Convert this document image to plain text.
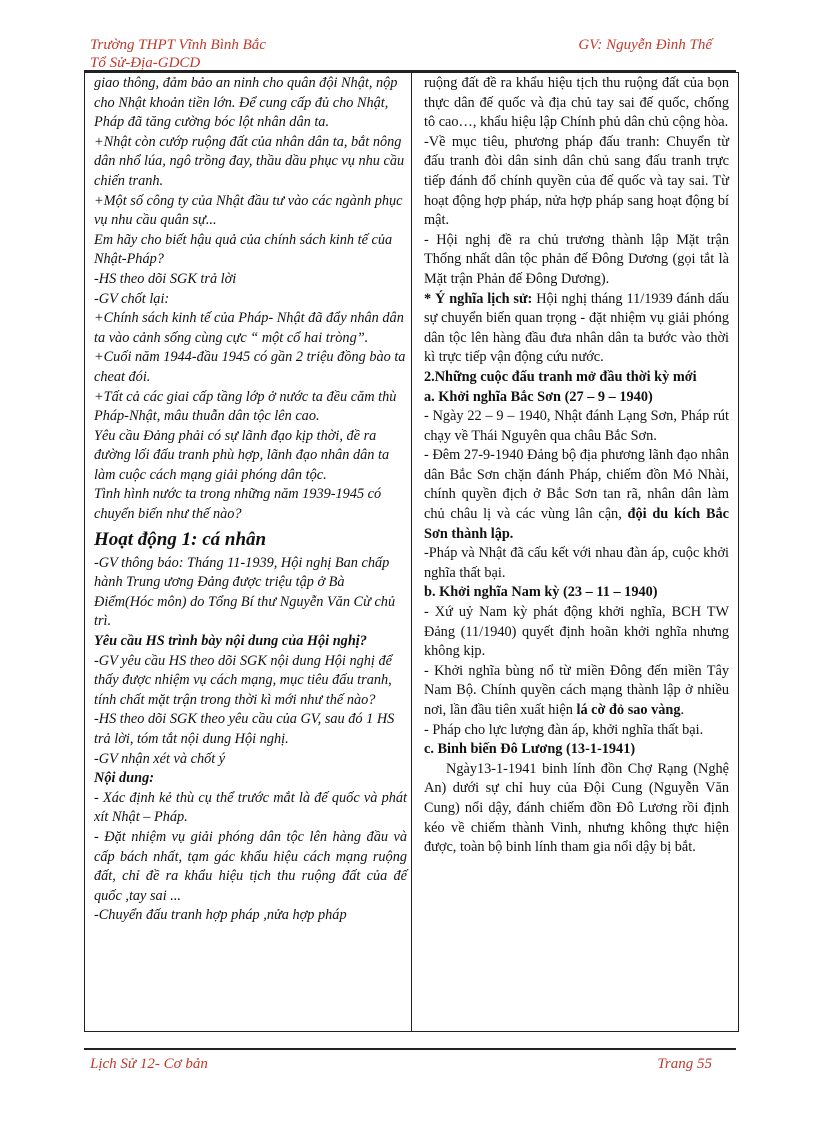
Trường THPT Vĩnh Bình Bắc
Tổ Sử-Địa-GDCD
GV: Nguyễn Đình Thế

giao thông, đảm bảo an ninh cho quân đội Nhật, nộp cho Nhật khoản tiền lớn. Để cung cấp đủ cho Nhật, Pháp đã tăng cường bóc lột nhân dân ta.

+Nhật còn cướp ruộng đất của nhân dân ta, bắt nông dân nhổ lúa, ngô trồng đay, thầu dầu phục vụ nhu cầu chiến tranh.

+Một số công ty của Nhật đầu tư vào các ngành phục vụ nhu cầu quân sự...

Em hãy cho biết hậu quả của chính sách kinh tế của Nhật-Pháp?

-HS theo dõi SGK trả lời

-GV chốt lại:

+Chính sách kinh tế của Pháp- Nhật đã đẩy nhân dân ta vào cảnh sống cùng cực “ một cổ hai tròng”.

+Cuối năm 1944-đầu 1945 có gần 2 triệu đồng bào ta cheat đói.

+Tất cả các giai cấp tầng lớp ở nước ta đều căm thù Pháp-Nhật, mâu thuẫn dân tộc lên cao.

Yêu cầu Đảng phải có sự lãnh đạo kịp thời, đề ra đường lối đấu tranh phù hợp, lãnh đạo nhân dân ta làm cuộc cách mạng giải phóng dân tộc.

Tình hình nước ta trong những năm 1939-1945 có chuyển biến như thế nào?

Hoạt động 1: cá nhân

-GV thông báo: Tháng 11-1939, Hội nghị Ban chấp hành Trung ương Đảng được triệu tập ở Bà Điểm(Hóc môn) do Tổng Bí thư Nguyễn Văn Cừ chủ trì.

Yêu cầu HS trình bày nội dung của Hội nghị?

-GV yêu cầu HS theo dõi SGK nội dung Hội nghị để thấy được nhiệm vụ cách mạng, mục tiêu đấu tranh, tính chất mặt trận trong thời kì mới như thế nào?

-HS theo dõi SGK theo yêu cầu của GV, sau đó 1 HS trả lời, tóm tắt nội dung Hội nghị.

-GV nhận xét và chốt ý

Nội dung:

- Xác định kẻ thù cụ thể trước mắt là đế quốc và phát xít Nhật – Pháp.

- Đặt nhiệm vụ giải phóng dân tộc lên hàng đầu và cấp bách nhất, tạm gác khẩu hiệu cách mạng ruộng đất, chỉ đề ra khẩu hiệu tịch thu ruộng đất của đế quốc ,tay sai ...

-Chuyển đấu tranh hợp pháp ,nửa hợp pháp

ruộng đất đề ra khẩu hiệu tịch thu ruộng đất của bọn thực dân đế quốc và địa chủ tay sai đế quốc, chống tô cao…, khẩu hiệu lập Chính phủ dân chủ cộng hòa.

-Về mục tiêu, phương pháp đấu tranh: Chuyển từ đấu tranh đòi dân sinh dân chủ sang đấu tranh trực tiếp đánh đổ chính quyền của đế quốc và tay sai. Từ hoạt động hợp pháp, nửa hợp pháp sang hoạt động bí mật.

- Hội nghị đề ra chủ trương thành lập Mặt trận Thống nhất dân tộc phản đế Đông Dương (gọi tắt là Mặt trận Phản đế Đông Dương).

* Ý nghĩa lịch sử: Hội nghị tháng 11/1939 đánh dấu sự chuyển biến quan trọng - đặt nhiệm vụ giải phóng dân tộc lên hàng đầu đưa nhân dân ta bước vào thời kì trực tiếp vận động cứu nước.

2.Những cuộc đấu tranh mở đầu thời kỳ mới

a. Khởi nghĩa Bắc Sơn (27 – 9 – 1940)

- Ngày 22 – 9 – 1940, Nhật đánh Lạng Sơn, Pháp rút chạy về Thái Nguyên qua châu Bắc Sơn.

- Đêm 27-9-1940 Đảng bộ địa phương lãnh đạo nhân dân Bắc Sơn chặn đánh Pháp, chiếm đồn Mỏ Nhài, chính quyền địch ở Bắc Sơn tan rã, nhân dân làm chủ châu lị và các vùng lân cận, đội du kích Bắc Sơn thành lập.

-Pháp và Nhật đã cấu kết với nhau đàn áp, cuộc khởi nghĩa thất bại.

b. Khởi nghĩa Nam kỳ (23 – 11 – 1940)

- Xứ uỷ Nam kỳ phát động khởi nghĩa, BCH TW Đảng (11/1940) quyết định hoãn khởi nghĩa nhưng không kịp.

- Khởi nghĩa bùng nổ từ miền Đông đến miền Tây Nam Bộ. Chính quyền cách mạng thành lập ở nhiều nơi, lần đầu tiên xuất hiện lá cờ đỏ sao vàng.

- Pháp cho lực lượng đàn áp, khởi nghĩa thất bại.

c. Binh biến Đô Lương (13-1-1941)

Ngày13-1-1941 binh lính đồn Chợ Rạng (Nghệ An) dưới sự chỉ huy của Đội Cung (Nguyễn Văn Cung) nổi dậy, đánh chiếm đồn Đô Lương rồi định kéo về chiếm thành Vinh, nhưng không thực hiện được, toàn bộ binh lính tham gia nổi dậy bị bắt.

Lịch Sử 12- Cơ bản	Trang 55
